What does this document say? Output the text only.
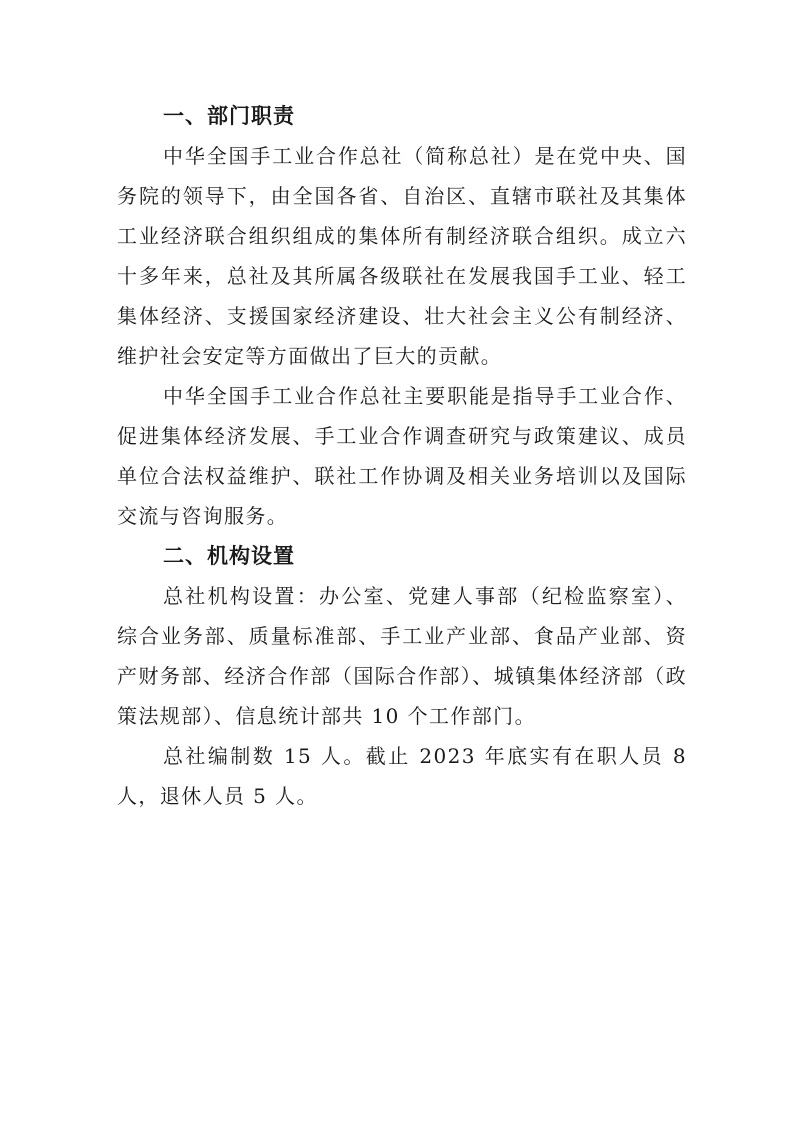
一、部门职责

中华全国手工业合作总社（简称总社）是在党中央、国务院的领导下，由全国各省、自治区、直辖市联社及其集体工业经济联合组织组成的集体所有制经济联合组织。成立六十多年来，总社及其所属各级联社在发展我国手工业、轻工集体经济、支援国家经济建设、壮大社会主义公有制经济、维护社会安定等方面做出了巨大的贡献。

中华全国手工业合作总社主要职能是指导手工业合作、促进集体经济发展、手工业合作调查研究与政策建议、成员单位合法权益维护、联社工作协调及相关业务培训以及国际交流与咨询服务。

二、机构设置

总社机构设置：办公室、党建人事部（纪检监察室）、综合业务部、质量标准部、手工业产业部、食品产业部、资产财务部、经济合作部（国际合作部）、城镇集体经济部（政策法规部）、信息统计部共 10 个工作部门。

总社编制数 15 人。截止 2023 年底实有在职人员 8 人，退休人员 5 人。
